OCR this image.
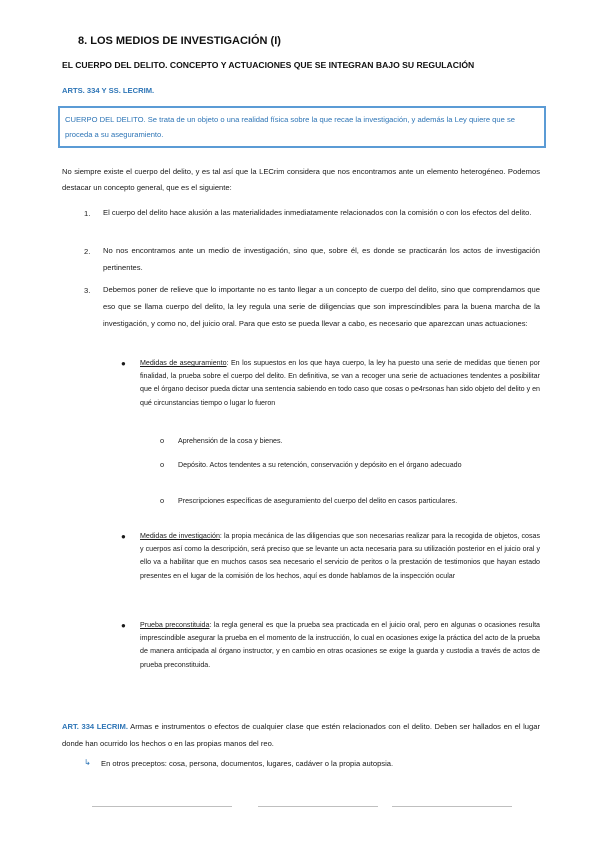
8. LOS MEDIOS DE INVESTIGACIÓN (I)
EL CUERPO DEL DELITO. CONCEPTO Y ACTUACIONES QUE SE INTEGRAN BAJO SU REGULACIÓN
ARTS. 334 Y SS. LECRIM.
CUERPO DEL DELITO. Se trata de un objeto o una realidad física sobre la que recae la investigación, y además la Ley quiere que se proceda a su aseguramiento.
No siempre existe el cuerpo del delito, y es tal así que la LECrim considera que nos encontramos ante un elemento heterogéneo. Podemos destacar un concepto general, que es el siguiente:
1. El cuerpo del delito hace alusión a las materialidades inmediatamente relacionados con la comisión o con los efectos del delito.
2. No nos encontramos ante un medio de investigación, sino que, sobre él, es donde se practicarán los actos de investigación pertinentes.
3. Debemos poner de relieve que lo importante no es tanto llegar a un concepto de cuerpo del delito, sino que comprendamos que eso que se llama cuerpo del delito, la ley regula una serie de diligencias que son imprescindibles para la buena marcha de la investigación, y como no, del juicio oral. Para que esto se pueda llevar a cabo, es necesario que aparezcan unas actuaciones:
● Medidas de aseguramiento: En los supuestos en los que haya cuerpo, la ley ha puesto una serie de medidas que tienen por finalidad, la prueba sobre el cuerpo del delito. En definitiva, se van a recoger una serie de actuaciones tendentes a posibilitar que el órgano decisor pueda dictar una sentencia sabiendo en todo caso que cosas o pe4rsonas han sido objeto del delito y en qué circunstancias tiempo o lugar lo fueron
o Aprehensión de la cosa y bienes.
o Depósito. Actos tendentes a su retención, conservación y depósito en el órgano adecuado
o Prescripciones específicas de aseguramiento del cuerpo del delito en casos particulares.
● Medidas de investigación: la propia mecánica de las diligencias que son necesarias realizar para la recogida de objetos, cosas y cuerpos así como la descripción, será preciso que se levante un acta necesaria para su utilización posterior en el juicio oral y ello va a habilitar que en muchos casos sea necesario el servicio de peritos o la prestación de testimonios que hayan estado presentes en el lugar de la comisión de los hechos, aquí es donde hablamos de la inspección ocular
● Prueba preconstituida: la regla general es que la prueba sea practicada en el juicio oral, pero en algunas o ocasiones resulta imprescindible asegurar la prueba en el momento de la instrucción, lo cual en ocasiones exige la práctica del acto de la prueba de manera anticipada al órgano instructor, y en cambio en otras ocasiones se exige la guarda y custodia a través de actos de prueba preconstituida.
ART. 334 LECRIM. Armas e instrumentos o efectos de cualquier clase que estén relacionados con el delito. Deben ser hallados en el lugar donde han ocurrido los hechos o en las propias manos del reo.
↳ En otros preceptos: cosa, persona, documentos, lugares, cadáver o la propia autopsia.
